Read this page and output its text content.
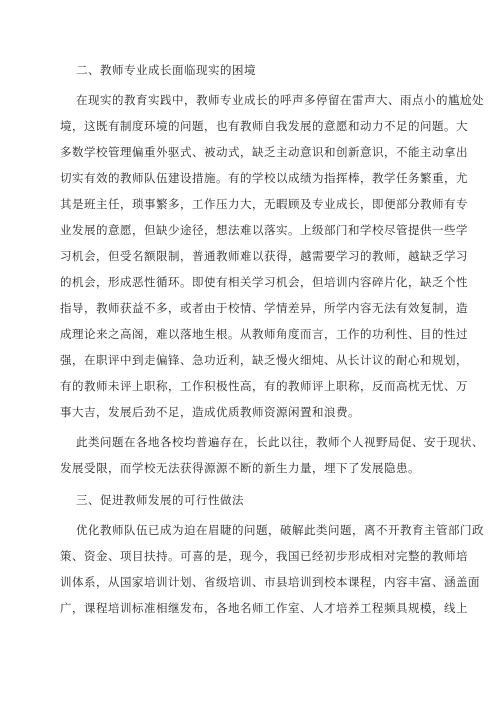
二、教师专业成长面临现实的困境
在现实的教育实践中，教师专业成长的呼声多停留在雷声大、雨点小的尴尬处
境，这既有制度环境的问题，也有教师自我发展的意愿和动力不足的问题。大
多数学校管理偏重外驱式、被动式，缺乏主动意识和创新意识，不能主动拿出
切实有效的教师队伍建设措施。有的学校以成绩为指挥棒，教学任务繁重，尤
其是班主任，琐事繁多，工作压力大，无暇顾及专业成长，即便部分教师有专
业发展的意愿，但缺少途径，想法难以落实。上级部门和学校尽管提供一些学
习机会，但受名额限制，普通教师难以获得，越需要学习的教师，越缺乏学习
的机会，形成恶性循环。即使有相关学习机会，但培训内容碎片化，缺乏个性
指导，教师获益不多，或者由于校情、学情差异，所学内容无法有效复制，造
成理论来之高阁，难以落地生根。从教师角度而言，工作的功利性、目的性过
强，在职评中到走偏锋、急功近利，缺乏慢火细炖、从长计议的耐心和规划，
有的教师未评上职称，工作积极性高，有的教师评上职称，反而高枕无忧、万
事大吉，发展后劲不足，造成优质教师资源闲置和浪费。
此类问题在各地各校均普遍存在，长此以往，教师个人视野局促、安于现状、
发展受限，而学校无法获得源源不断的新生力量，埋下了发展隐患。
三、促进教师发展的可行性做法
优化教师队伍已成为迫在眉睫的问题，破解此类问题，离不开教育主管部门政
策、资金、项目扶持。可喜的是，现今，我国已经初步形成相对完整的教师培
训体系，从国家培训计划、省级培训、市县培训到校本课程，内容丰富、涵盖面
广，课程培训标准相继发布，各地名师工作室、人才培养工程频具规模，线上
